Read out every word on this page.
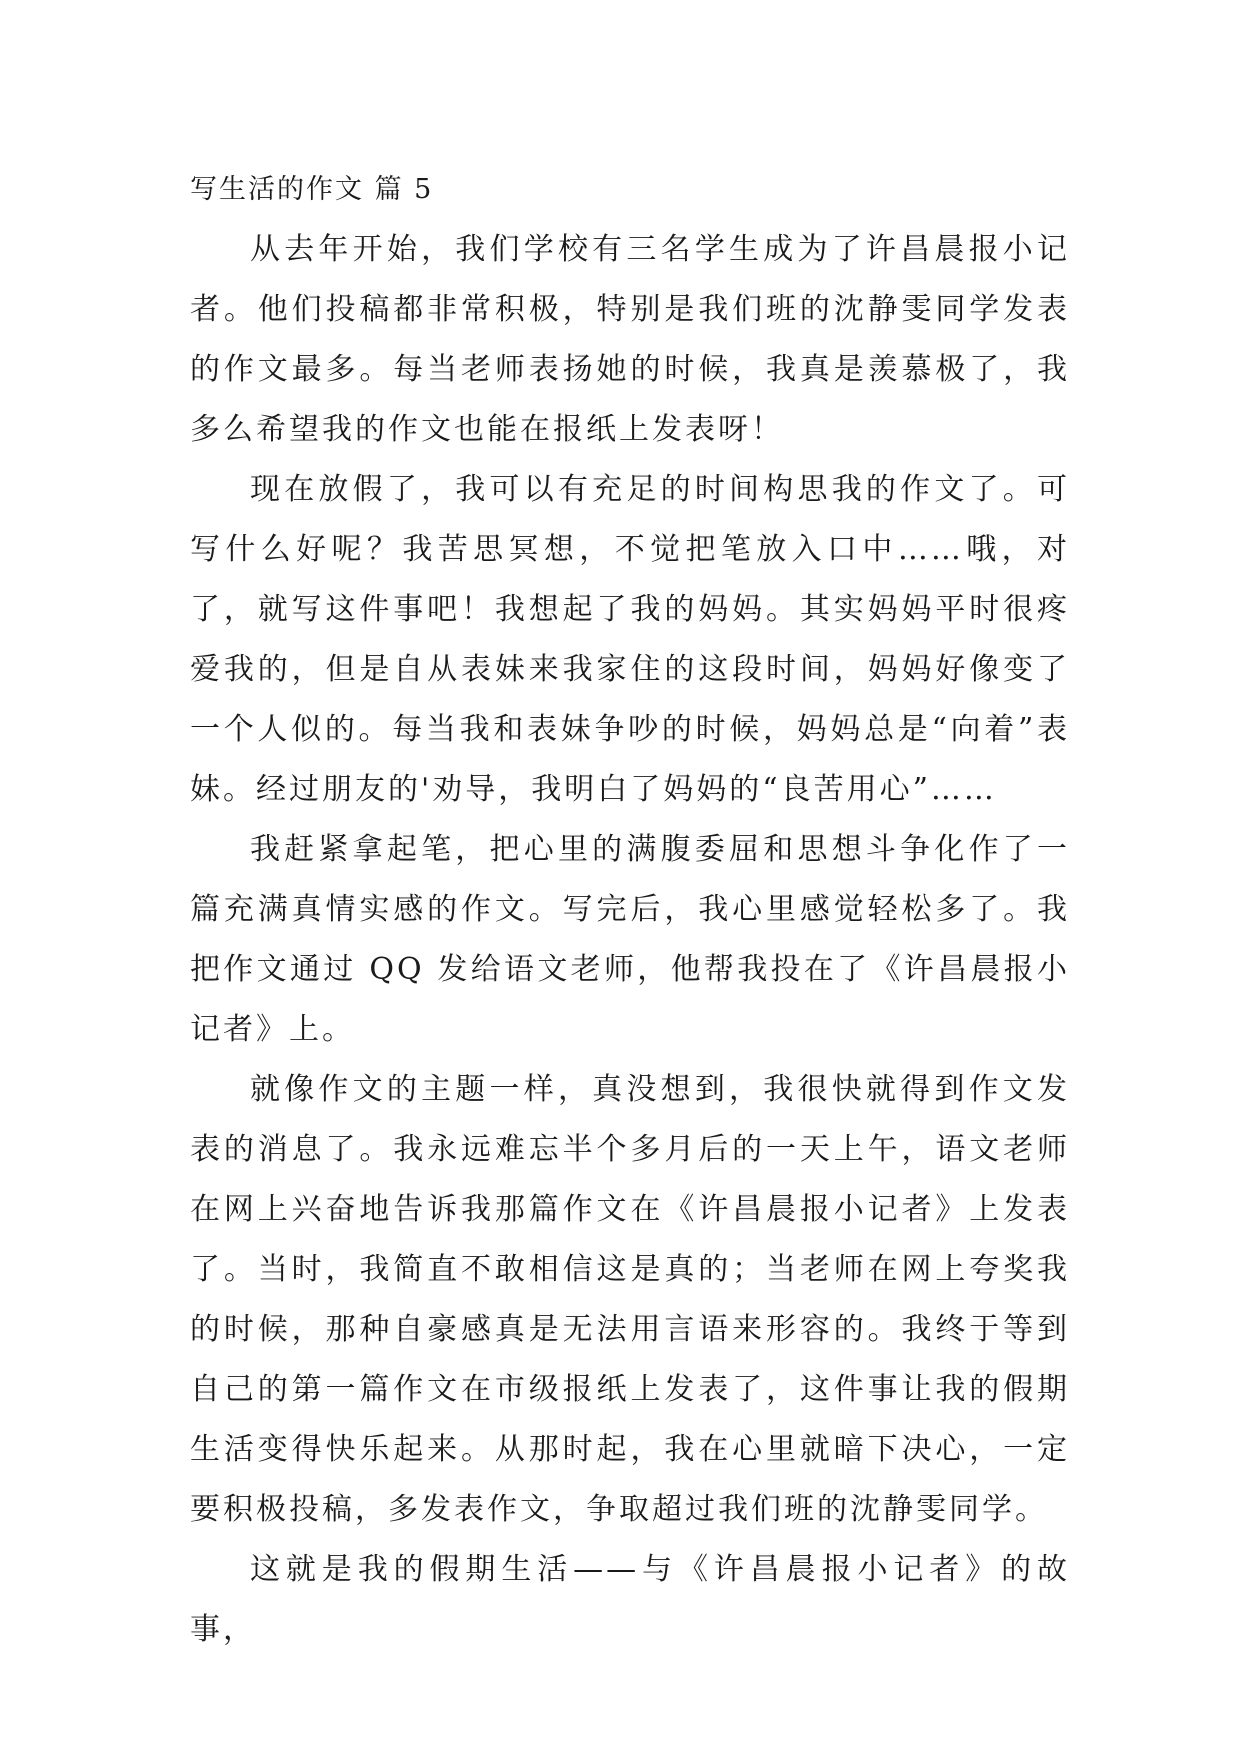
写生活的作文 篇 5

从去年开始，我们学校有三名学生成为了许昌晨报小记者。他们投稿都非常积极，特别是我们班的沈静雯同学发表的作文最多。每当老师表扬她的时候，我真是羡慕极了，我多么希望我的作文也能在报纸上发表呀！

现在放假了，我可以有充足的时间构思我的作文了。可写什么好呢？我苦思冥想，不觉把笔放入口中……哦，对了，就写这件事吧！我想起了我的妈妈。其实妈妈平时很疼爱我的，但是自从表妹来我家住的这段时间，妈妈好像变了一个人似的。每当我和表妹争吵的时候，妈妈总是“向着”表妹。经过朋友的'劝导，我明白了妈妈的“良苦用心”……

我赶紧拿起笔，把心里的满腹委屈和思想斗争化作了一篇充满真情实感的作文。写完后，我心里感觉轻松多了。我把作文通过 QQ 发给语文老师，他帮我投在了《许昌晨报小记者》上。

就像作文的主题一样，真没想到，我很快就得到作文发表的消息了。我永远难忘半个多月后的一天上午，语文老师在网上兴奋地告诉我那篇作文在《许昌晨报小记者》上发表了。当时，我简直不敢相信这是真的；当老师在网上夸奖我的时候，那种自豪感真是无法用言语来形容的。我终于等到自己的第一篇作文在市级报纸上发表了，这件事让我的假期生活变得快乐起来。从那时起，我在心里就暗下决心，一定要积极投稿，多发表作文，争取超过我们班的沈静雯同学。

这就是我的假期生活——与《许昌晨报小记者》的故事，
